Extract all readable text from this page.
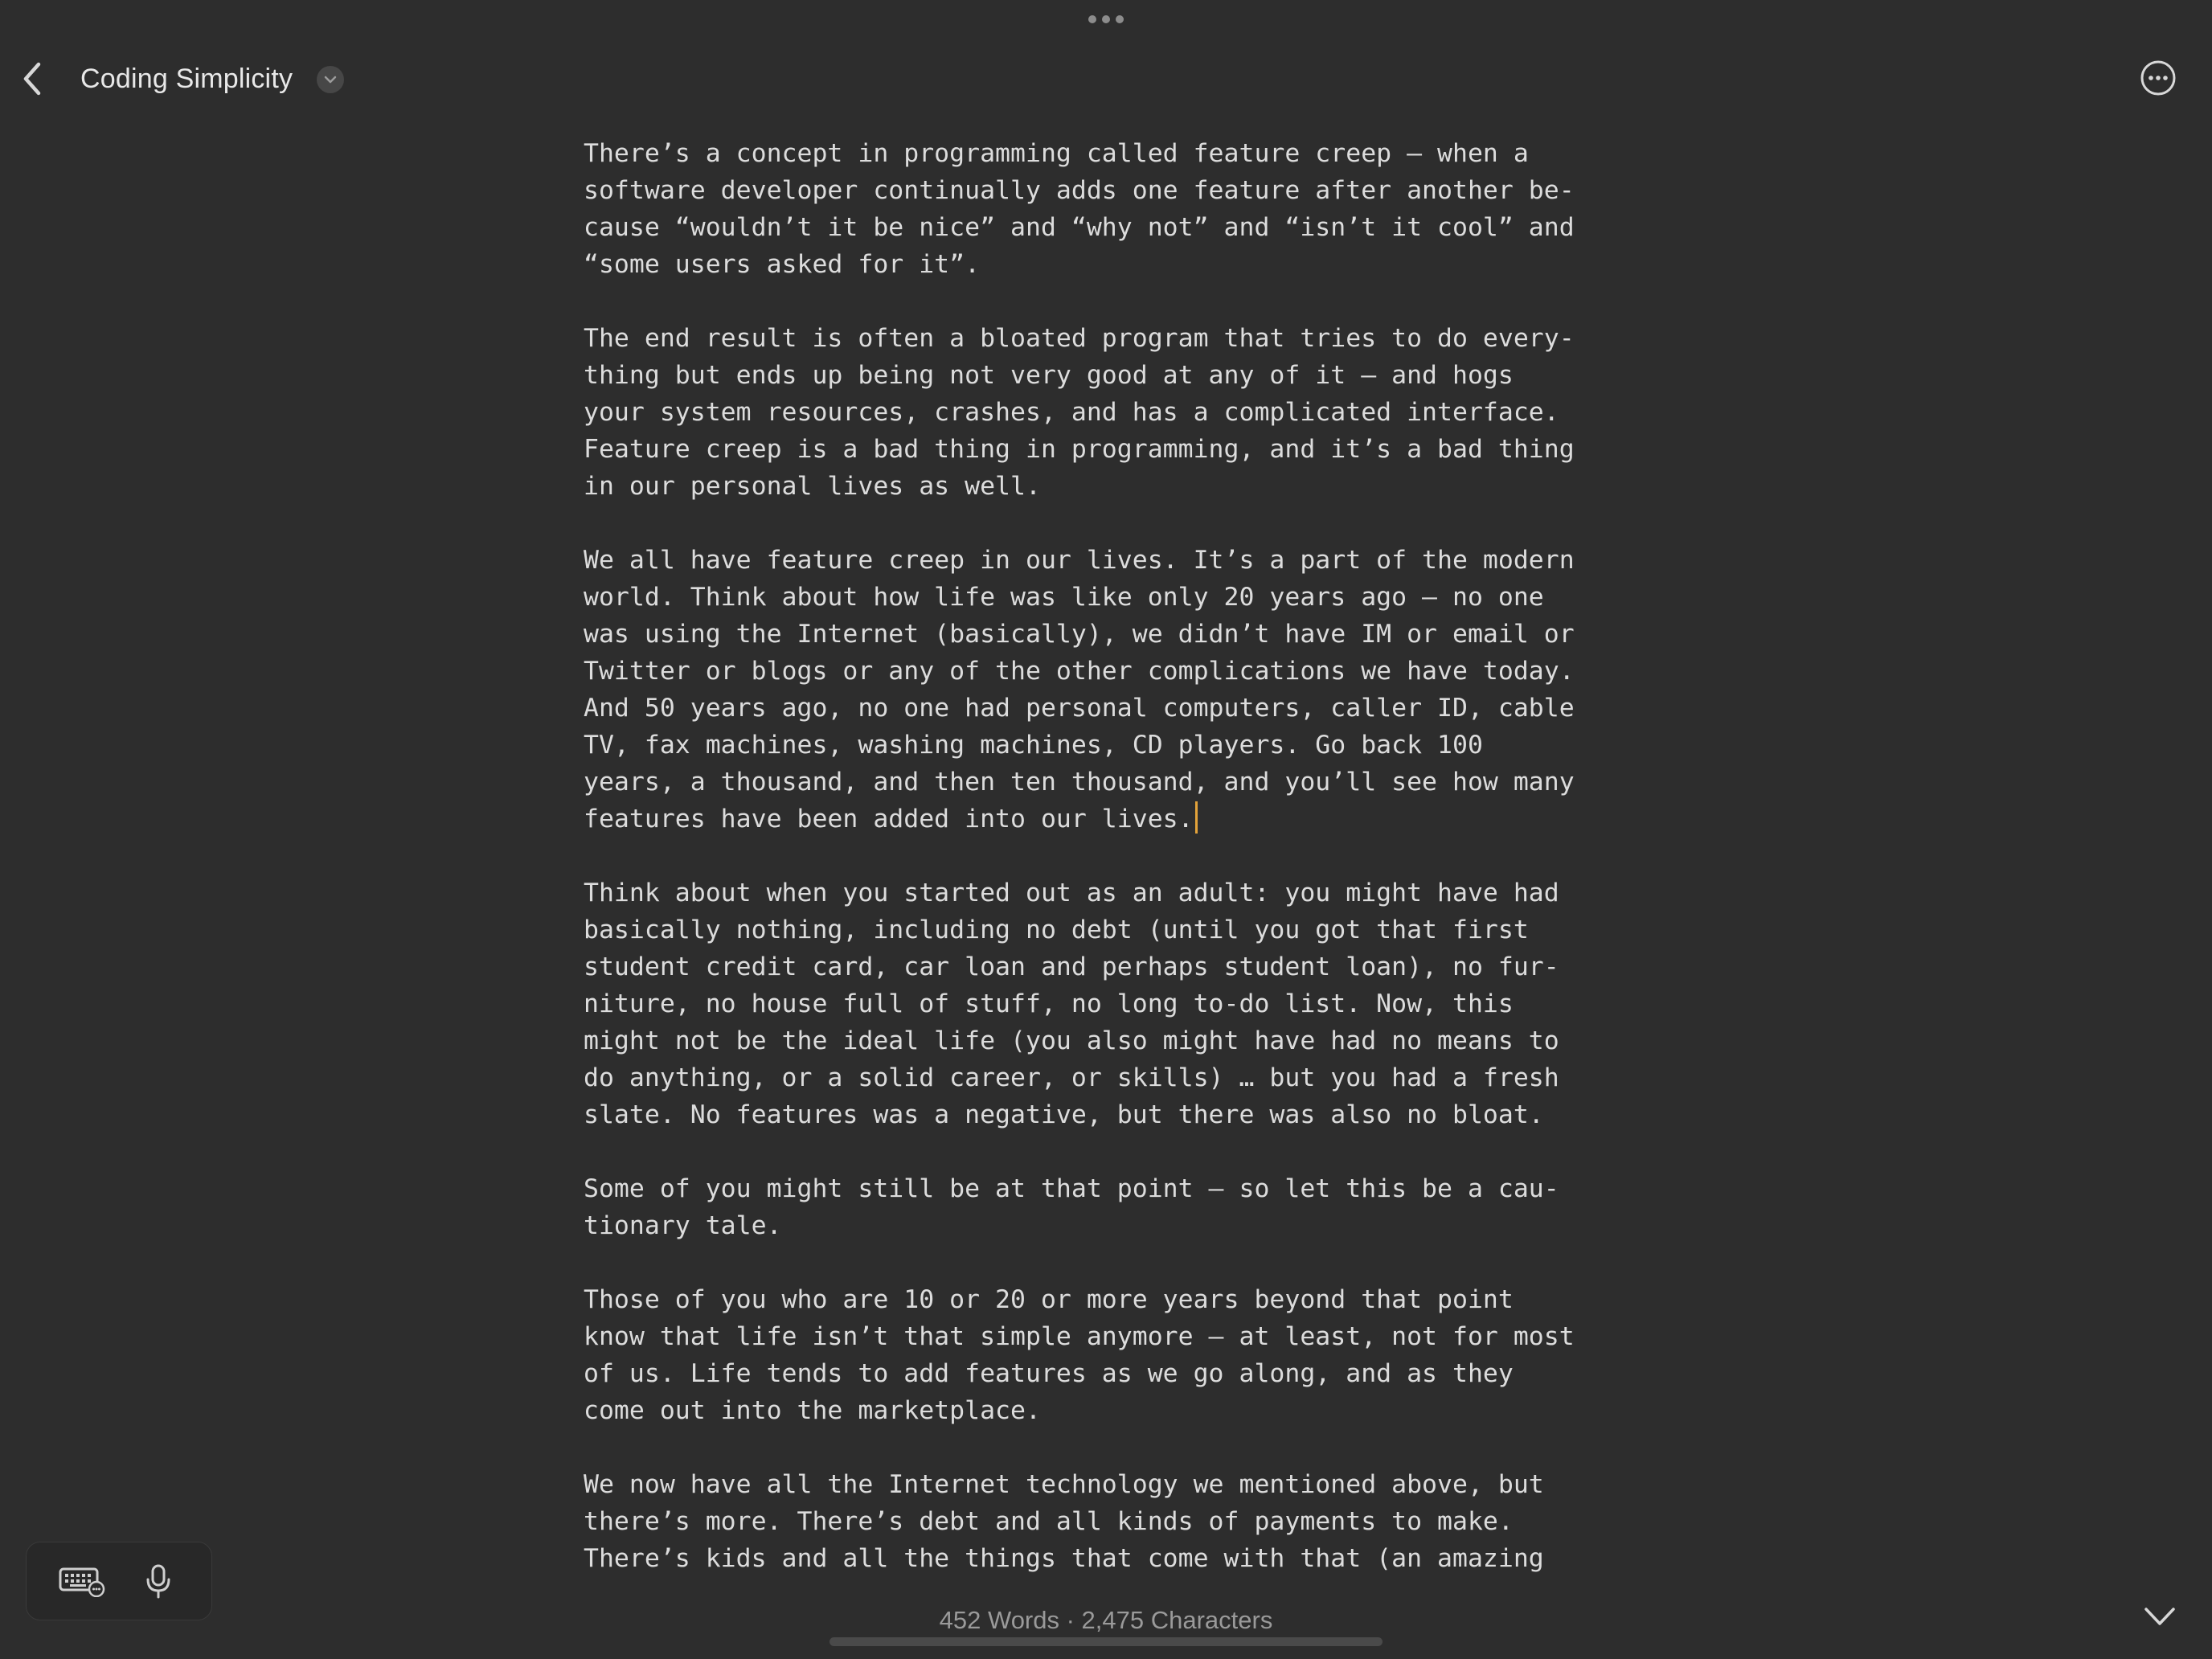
Coding Simplicity

There’s a concept in programming called feature creep — when a
software developer continually adds one feature after another be-
cause “wouldn’t it be nice” and “why not” and “isn’t it cool” and
“some users asked for it”.

The end result is often a bloated program that tries to do every-
thing but ends up being not very good at any of it — and hogs
your system resources, crashes, and has a complicated interface.
Feature creep is a bad thing in programming, and it’s a bad thing
in our personal lives as well.

We all have feature creep in our lives. It’s a part of the modern
world. Think about how life was like only 20 years ago — no one
was using the Internet (basically), we didn’t have IM or email or
Twitter or blogs or any of the other complications we have today.
And 50 years ago, no one had personal computers, caller ID, cable
TV, fax machines, washing machines, CD players. Go back 100
years, a thousand, and then ten thousand, and you’ll see how many
features have been added into our lives.

Think about when you started out as an adult: you might have had
basically nothing, including no debt (until you got that first
student credit card, car loan and perhaps student loan), no fur-
niture, no house full of stuff, no long to-do list. Now, this
might not be the ideal life (you also might have had no means to
do anything, or a solid career, or skills) … but you had a fresh
slate. No features was a negative, but there was also no bloat.

Some of you might still be at that point — so let this be a cau-
tionary tale.

Those of you who are 10 or 20 or more years beyond that point
know that life isn’t that simple anymore — at least, not for most
of us. Life tends to add features as we go along, and as they
come out into the marketplace.

We now have all the Internet technology we mentioned above, but
there’s more. There’s debt and all kinds of payments to make.
There’s kids and all the things that come with that (an amazing

452 Words · 2,475 Characters
